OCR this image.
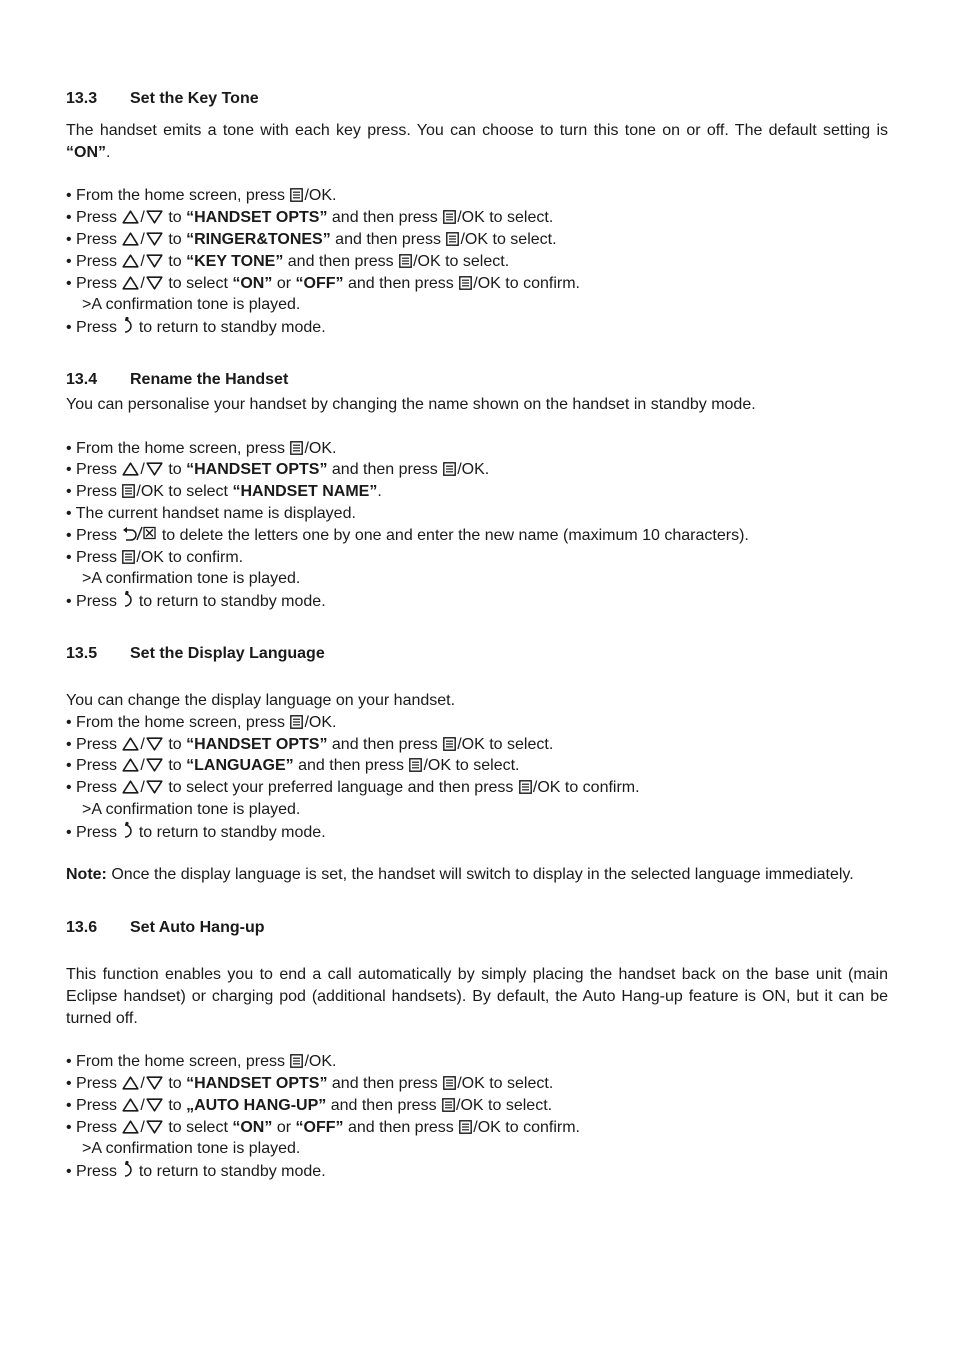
13.3	Set the Key Tone

The handset emits a tone with each key press. You can choose to turn this tone on or off. The default setting is “ON”.

• From the home screen, press /OK.
• Press / to “HANDSET OPTS” and then press /OK to select.
• Press / to “RINGER&TONES” and then press /OK to select.
• Press / to “KEY TONE” and then press /OK to select.
• Press / to select “ON” or “OFF” and then press /OK to confirm.
>A confirmation tone is played.
• Press to return to standby mode.
13.4	Rename the Handset

You can personalise your handset by changing the name shown on the handset in standby mode.

• From the home screen, press /OK.
• Press / to “HANDSET OPTS” and then press /OK.
• Press /OK to select “HANDSET NAME”.
• The current handset name is displayed.
• Press	to delete the letters one by one and enter the new name (maximum 10 characters).
• Press /OK to confirm.
>A confirmation tone is played.
• Press to return to standby mode.
13.5	Set the Display Language

You can change the display language on your handset.

• From the home screen, press /OK.
• Press / to “HANDSET OPTS” and then press /OK to select.
• Press / to “LANGUAGE” and then press /OK to select.
• Press / to select your preferred language and then press /OK to confirm.
>A confirmation tone is played.
• Press to return to standby mode.

Note: Once the display language is set, the handset will switch to display in the selected language immediately.

13.6	Set Auto Hang-up

This function enables you to end a call automatically by simply placing the handset back on the base unit (main Eclipse handset) or charging pod (additional handsets). By default, the Auto Hang-up feature is ON, but it can be turned off.

• From the home screen, press /OK.
• Press / to “HANDSET OPTS” and then press /OK to select.
• Press / to „AUTO HANG-UP” and then press /OK to select.
• Press / to select “ON” or “OFF” and then press /OK to confirm.
>A confirmation tone is played.
• Press to return to standby mode.
